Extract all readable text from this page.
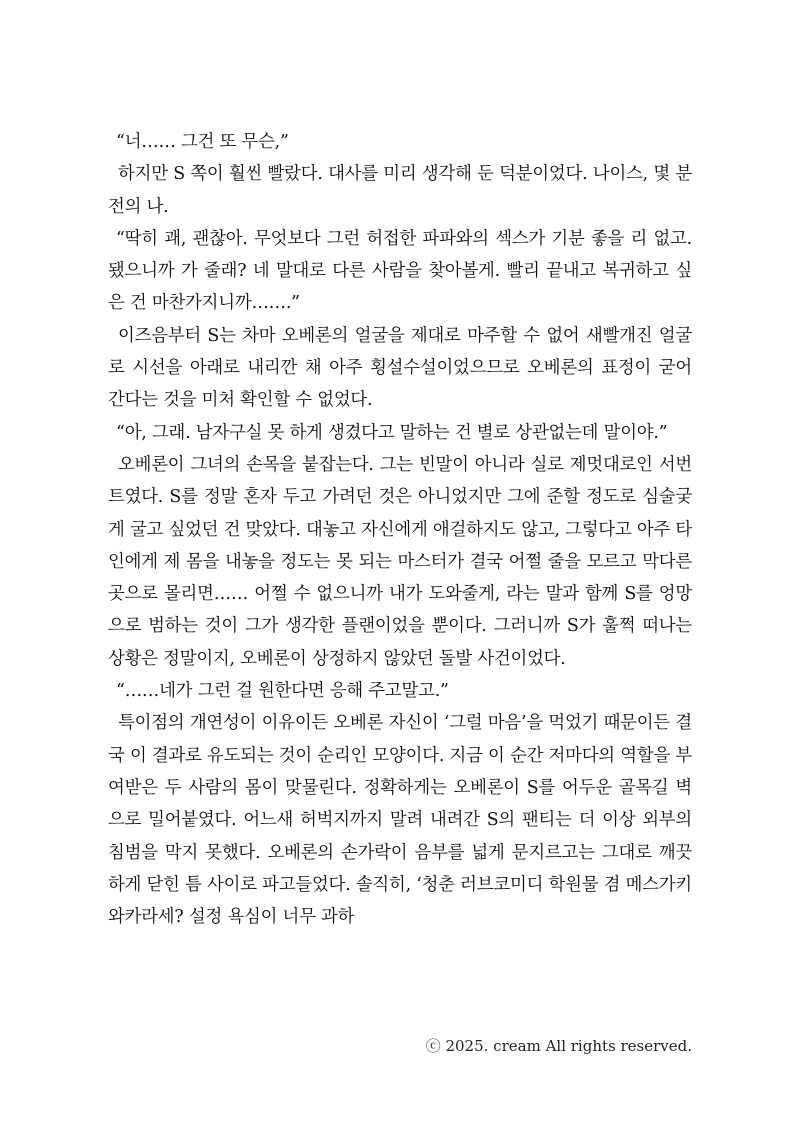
“너…… 그건 또 무슨,”

하지만 S 쪽이 훨씬 빨랐다. 대사를 미리 생각해 둔 덕분이었다. 나이스, 몇 분 전의 나.

“딱히 괘, 괜찮아. 무엇보다 그런 허접한 파파와의 섹스가 기분 좋을 리 없고. 됐으니까 가 줄래? 네 말대로 다른 사람을 찾아볼게. 빨리 끝내고 복귀하고 싶은 건 마찬가지니까…….”

이즈음부터 S는 차마 오베론의 얼굴을 제대로 마주할 수 없어 새빨개진 얼굴로 시선을 아래로 내리깐 채 아주 횡설수설이었으므로 오베론의 표정이 굳어 간다는 것을 미처 확인할 수 없었다.

“아, 그래. 남자구실 못 하게 생겼다고 말하는 건 별로 상관없는데 말이야.”

오베론이 그녀의 손목을 붙잡는다. 그는 빈말이 아니라 실로 제멋대로인 서번트였다. S를 정말 혼자 두고 가려던 것은 아니었지만 그에 준할 정도로 심술궂게 굴고 싶었던 건 맞았다. 대놓고 자신에게 애걸하지도 않고, 그렇다고 아주 타인에게 제 몸을 내놓을 정도는 못 되는 마스터가 결국 어쩔 줄을 모르고 막다른 곳으로 몰리면…… 어쩔 수 없으니까 내가 도와줄게, 라는 말과 함께 S를 엉망으로 범하는 것이 그가 생각한 플랜이었을 뿐이다. 그러니까 S가 훌쩍 떠나는 상황은 정말이지, 오베론이 상정하지 않았던 돌발 사건이었다.

“……네가 그런 걸 원한다면 응해 주고말고.”

특이점의 개연성이 이유이든 오베론 자신이 ‘그럴 마음’을 먹었기 때문이든 결국 이 결과로 유도되는 것이 순리인 모양이다. 지금 이 순간 저마다의 역할을 부여받은 두 사람의 몸이 맞물린다. 정확하게는 오베론이 S를 어두운 골목길 벽으로 밀어붙였다. 어느새 허벅지까지 말려 내려간 S의 팬티는 더 이상 외부의 침범을 막지 못했다. 오베론의 손가락이 음부를 넓게 문지르고는 그대로 깨끗하게 닫힌 틈 사이로 파고들었다. 솔직히, ‘청춘 러브코미디 학원물 겸 메스가키 와카라세? 설정 욕심이 너무 과하

ⓒ 2025. cream All rights reserved.
